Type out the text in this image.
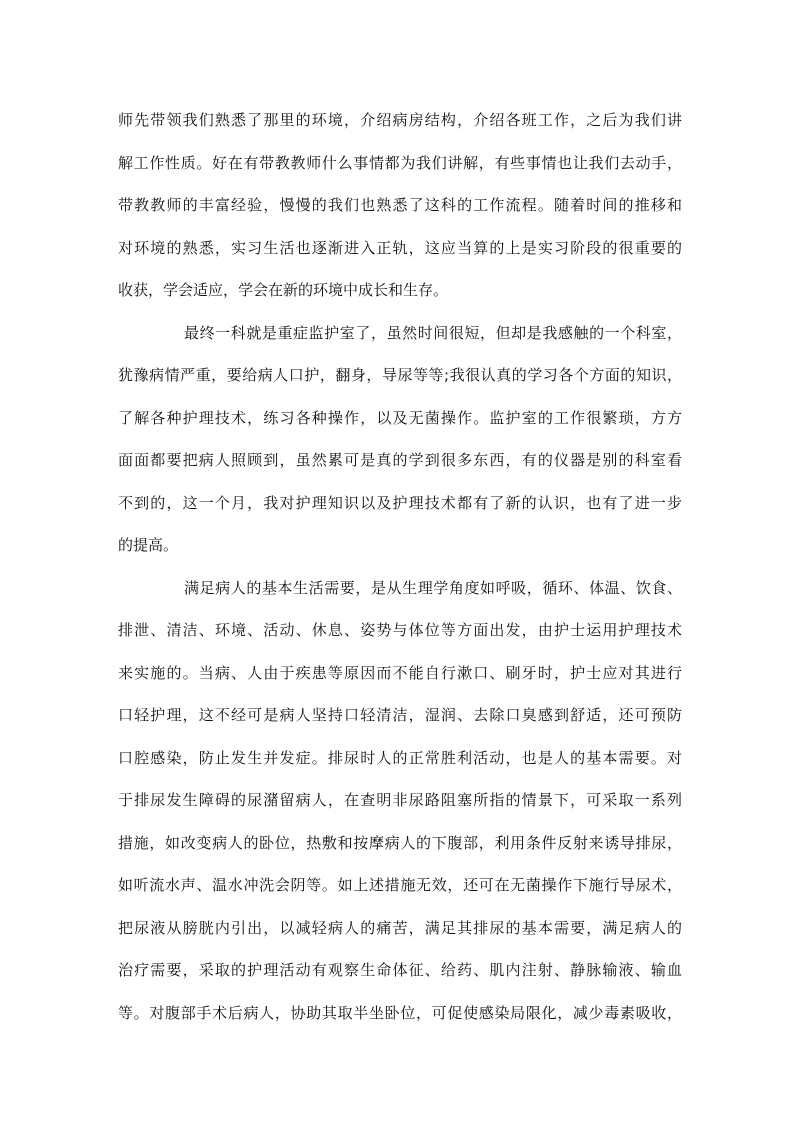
师先带领我们熟悉了那里的环境，介绍病房结构，介绍各班工作，之后为我们讲
解工作性质。好在有带教教师什么事情都为我们讲解，有些事情也让我们去动手，
带教教师的丰富经验，慢慢的我们也熟悉了这科的工作流程。随着时间的推移和
对环境的熟悉，实习生活也逐渐进入正轨，这应当算的上是实习阶段的很重要的
收获，学会适应，学会在新的环境中成长和生存。
最终一科就是重症监护室了，虽然时间很短，但却是我感触的一个科室，
犹豫病情严重，要给病人口护，翻身，导尿等等;我很认真的学习各个方面的知识，
了解各种护理技术，练习各种操作，以及无菌操作。监护室的工作很繁琐，方方
面面都要把病人照顾到，虽然累可是真的学到很多东西，有的仪器是别的科室看
不到的，这一个月，我对护理知识以及护理技术都有了新的认识，也有了进一步
的提高。
满足病人的基本生活需要，是从生理学角度如呼吸，循环、体温、饮食、
排泄、清洁、环境、活动、休息、姿势与体位等方面出发，由护士运用护理技术
来实施的。当病、人由于疾患等原因而不能自行漱口、刷牙时，护士应对其进行
口轻护理，这不经可是病人坚持口轻清洁，湿润、去除口臭感到舒适，还可预防
口腔感染，防止发生并发症。排尿时人的正常胜利活动，也是人的基本需要。对
于排尿发生障碍的尿潴留病人，在查明非尿路阻塞所指的情景下，可采取一系列
措施，如改变病人的卧位，热敷和按摩病人的下腹部，利用条件反射来诱导排尿，
如听流水声、温水冲洗会阴等。如上述措施无效，还可在无菌操作下施行导尿术，
把尿液从膀胱内引出，以减轻病人的痛苦，满足其排尿的基本需要，满足病人的
治疗需要，采取的护理活动有观察生命体征、给药、肌内注射、静脉输液、输血
等。对腹部手术后病人，协助其取半坐卧位，可促使感染局限化，减少毒素吸收，
